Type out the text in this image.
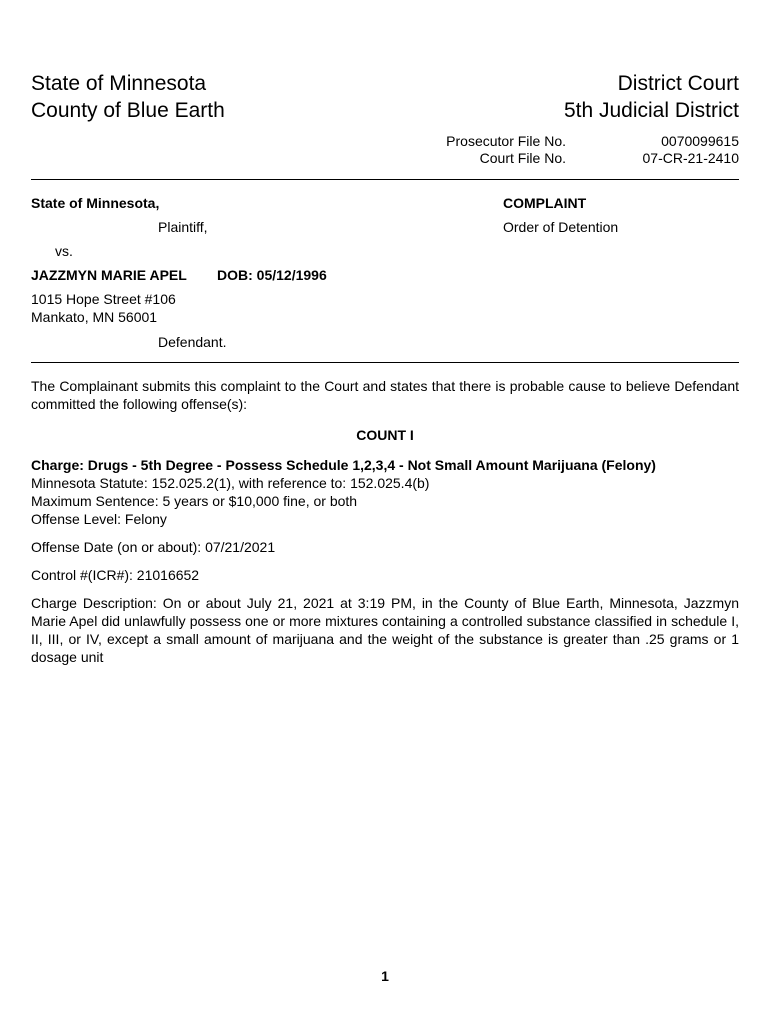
State of Minnesota
County of Blue Earth
District Court
5th Judicial District
Prosecutor File No.	0070099615
Court File No.	07-CR-21-2410
State of Minnesota,
Plaintiff,
vs.
JAZZMYN MARIE APEL DOB: 05/12/1996
1015 Hope Street #106
Mankato, MN 56001
Defendant.
COMPLAINT
Order of Detention
The Complainant submits this complaint to the Court and states that there is probable cause to believe Defendant committed the following offense(s):
COUNT I
Charge: Drugs - 5th Degree - Possess Schedule 1,2,3,4 - Not Small Amount Marijuana (Felony)
Minnesota Statute: 152.025.2(1), with reference to: 152.025.4(b)
Maximum Sentence: 5 years or $10,000 fine, or both
Offense Level: Felony
Offense Date (on or about): 07/21/2021
Control #(ICR#): 21016652
Charge Description: On or about July 21, 2021 at 3:19 PM, in the County of Blue Earth, Minnesota, Jazzmyn Marie Apel did unlawfully possess one or more mixtures containing a controlled substance classified in schedule I, II, III, or IV, except a small amount of marijuana and the weight of the substance is greater than .25 grams or 1 dosage unit
1
